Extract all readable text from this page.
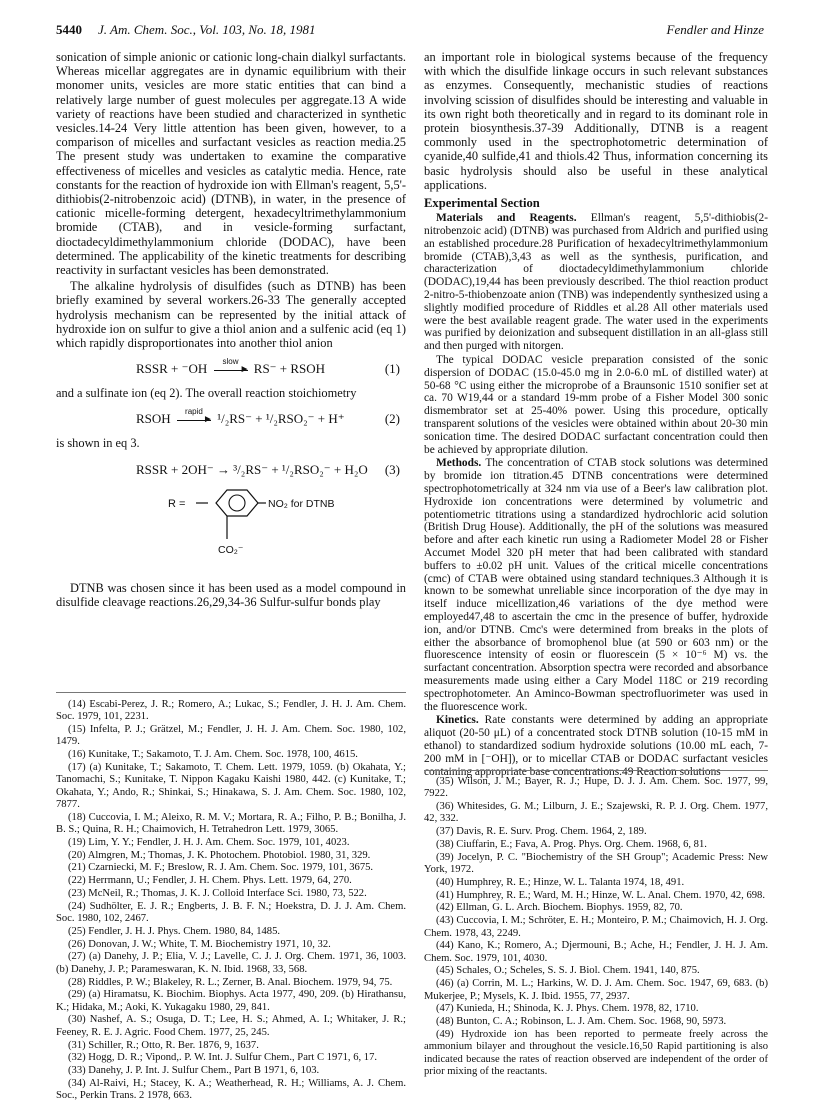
5440 J. Am. Chem. Soc., Vol. 103, No. 18, 1981	Fendler and Hinze

sonication of simple anionic or cationic long-chain dialkyl surfactants. Whereas micellar aggregates are in dynamic equilibrium with their monomer units, vesicles are more static entities that can bind a relatively large number of guest molecules per aggregate.13 A wide variety of reactions have been studied and characterized in synthetic vesicles.14-24 Very little attention has been given, however, to a comparison of micelles and surfactant vesicles as reaction media.25 The present study was undertaken to examine the comparative effectiveness of micelles and vesicles as catalytic media. Hence, rate constants for the reaction of hydroxide ion with Ellman's reagent, 5,5'-dithiobis(2-nitrobenzoic acid) (DTNB), in water, in the presence of cationic micelle-forming detergent, hexadecyltrimethylammonium bromide (CTAB), and in vesicle-forming surfactant, dioctadecyldimethylammonium chloride (DODAC), have been determined. The applicability of the kinetic treatments for describing reactivity in surfactant vesicles has been demonstrated.

The alkaline hydrolysis of disulfides (such as DTNB) has been briefly examined by several workers.26-33 The generally accepted hydrolysis mechanism can be represented by the initial attack of hydroxide ion on sulfur to give a thiol anion and a sulfenic acid (eq 1) which rapidly disproportionates into another thiol anion

RSSR + ⁻OH	slow
► RS⁻ + RSOH	(1)

and a sulfinate ion (eq 2). The overall reaction stoichiometry

RSOH	rapid
► ¹/₂RS⁻ + ¹/₂RSO₂⁻ + H⁺	(2)

is shown in eq 3.

RSSR + 2OH⁻ → ³/₂RS⁻ + ¹/₂RSO₂⁻ + H₂O (3)
R =	NO₂ for DTNB
CO₂⁻

DTNB was chosen since it has been used as a model compound in disulfide cleavage reactions.26,29,34-36 Sulfur-sulfur bonds play

an important role in biological systems because of the frequency with which the disulfide linkage occurs in such relevant substances as enzymes. Consequently, mechanistic studies of reactions involving scission of disulfides should be interesting and valuable in its own right both theoretically and in regard to its dominant role in protein biosynthesis.37-39 Additionally, DTNB is a reagent commonly used in the spectrophotometric determination of cyanide,40 sulfide,41 and thiols.42 Thus, information concerning its basic hydrolysis should also be useful in these analytical applications.

Experimental Section

Materials and Reagents. Ellman's reagent, 5,5'-dithiobis(2-nitrobenzoic acid) (DTNB) was purchased from Aldrich and purified using an established procedure.28 Purification of hexadecyltrimethylammonium bromide (CTAB),3,43 as well as the synthesis, purification, and characterization of dioctadecyldimethylammonium chloride (DODAC),19,44 has been previously described. The thiol reaction product 2-nitro-5-thiobenzoate anion (TNB) was independently synthesized using a slightly modified procedure of Riddles et al.28 All other materials used were the best available reagent grade. The water used in the experiments was purified by deionization and subsequent distillation in an all-glass still and then purged with nitorgen.

The typical DODAC vesicle preparation consisted of the sonic dispersion of DODAC (15.0-45.0 mg in 2.0-6.0 mL of distilled water) at 50-68 °C using either the microprobe of a Braunsonic 1510 sonifier set at ca. 70 W19,44 or a standard 19-mm probe of a Fisher Model 300 sonic dismembrator set at 25-40% power. Using this procedure, optically transparent solutions of the vesicles were obtained within about 20-30 min sonication time. The desired DODAC surfactant concentration could then be achieved by appropriate dilution.

Methods. The concentration of CTAB stock solutions was determined by bromide ion titration.45 DTNB concentrations were determined spectrophotometrically at 324 nm via use of a Beer's law calibration plot. Hydroxide ion concentrations were determined by volumetric and potentiometric titrations using a standardized hydrochloric acid solution (British Drug House). Additionally, the pH of the solutions was measured before and after each kinetic run using a Radiometer Model 28 or Fisher Accumet Model 320 pH meter that had been calibrated with standard buffers to ±0.02 pH unit. Values of the critical micelle concentrations (cmc) of CTAB were obtained using standard techniques.3 Although it is known to be somewhat unreliable since incorporation of the dye may in itself induce micellization,46 variations of the dye method were employed47,48 to ascertain the cmc in the presence of buffer, hydroxide ion, and/or DTNB. Cmc's were determined from breaks in the plots of either the absorbance of bromophenol blue (at 590 or 603 nm) or the fluorescence intensity of eosin or fluorescein (5 × 10⁻⁶ M) vs. the surfactant concentration. Absorption spectra were recorded and absorbance measurements made using either a Cary Model 118C or 219 recording spectrophotometer. An Aminco-Bowman spectrofluorimeter was used in the fluorescence work.

Kinetics. Rate constants were determined by adding an appropriate aliquot (20-50 μL) of a concentrated stock DTNB solution (10-15 mM in ethanol) to standardized sodium hydroxide solutions (10.00 mL each, 7-200 mM in [⁻OH]), or to micellar CTAB or DODAC surfactant vesicles containing appropriate base concentrations.49 Reaction solutions

(14) Escabi-Perez, J. R.; Romero, A.; Lukac, S.; Fendler, J. H. J. Am. Chem. Soc. 1979, 101, 2231.
(15) Infelta, P. J.; Grätzel, M.; Fendler, J. H. J. Am. Chem. Soc. 1980, 102, 1479.
(16) Kunitake, T.; Sakamoto, T. J. Am. Chem. Soc. 1978, 100, 4615.
(17) (a) Kunitake, T.; Sakamoto, T. Chem. Lett. 1979, 1059. (b) Okahata, Y.; Tanomachi, S.; Kunitake, T. Nippon Kagaku Kaishi 1980, 442. (c) Kunitake, T.; Okahata, Y.; Ando, R.; Shinkai, S.; Hinakawa, S. J. Am. Chem. Soc. 1980, 102, 7877.
(18) Cuccovia, I. M.; Aleixo, R. M. V.; Mortara, R. A.; Filho, P. B.; Bonilha, J. B. S.; Quina, R. H.; Chaimovich, H. Tetrahedron Lett. 1979, 3065.
(19) Lim, Y. Y.; Fendler, J. H. J. Am. Chem. Soc. 1979, 101, 4023.
(20) Almgren, M.; Thomas, J. K. Photochem. Photobiol. 1980, 31, 329.
(21) Czarniecki, M. F.; Breslow, R. J. Am. Chem. Soc. 1979, 101, 3675.
(22) Herrmann, U.; Fendler, J. H. Chem. Phys. Lett. 1979, 64, 270.
(23) McNeil, R.; Thomas, J. K. J. Colloid Interface Sci. 1980, 73, 522.
(24) Sudhölter, E. J. R.; Engberts, J. B. F. N.; Hoekstra, D. J. J. Am. Chem. Soc. 1980, 102, 2467.
(25) Fendler, J. H. J. Phys. Chem. 1980, 84, 1485.
(26) Donovan, J. W.; White, T. M. Biochemistry 1971, 10, 32.
(27) (a) Danehy, J. P.; Elia, V. J.; Lavelle, C. J. J. Org. Chem. 1971, 36, 1003. (b) Danehy, J. P.; Parameswaran, K. N. Ibid. 1968, 33, 568.
(28) Riddles, P. W.; Blakeley, R. L.; Zerner, B. Anal. Biochem. 1979, 94, 75.
(29) (a) Hiramatsu, K. Biochim. Biophys. Acta 1977, 490, 209. (b) Hirathansu, K.; Hidaka, M.; Aoki, K. Yukagaku 1980, 29, 841.
(30) Nashef, A. S.; Osuga, D. T.; Lee, H. S.; Ahmed, A. I.; Whitaker, J. R.; Feeney, R. E. J. Agric. Food Chem. 1977, 25, 245.
(31) Schiller, R.; Otto, R. Ber. 1876, 9, 1637.
(32) Hogg, D. R.; Vipond,. P. W. Int. J. Sulfur Chem., Part C 1971, 6, 17.
(33) Danehy, J. P. Int. J. Sulfur Chem., Part B 1971, 6, 103.
(34) Al-Raivi, H.; Stacey, K. A.; Weatherhead, R. H.; Williams, A. J. Chem. Soc., Perkin Trans. 2 1978, 663.
(35) Wilson, J. M.; Bayer, R. J.; Hupe, D. J. J. Am. Chem. Soc. 1977, 99, 7922.
(36) Whitesides, G. M.; Lilburn, J. E.; Szajewski, R. P. J. Org. Chem. 1977, 42, 332.
(37) Davis, R. E. Surv. Prog. Chem. 1964, 2, 189.
(38) Ciuffarin, E.; Fava, A. Prog. Phys. Org. Chem. 1968, 6, 81.
(39) Jocelyn, P. C. "Biochemistry of the SH Group"; Academic Press: New York, 1972.
(40) Humphrey, R. E.; Hinze, W. L. Talanta 1974, 18, 491.
(41) Humphrey, R. E.; Ward, M. H.; Hinze, W. L. Anal. Chem. 1970, 42, 698.
(42) Ellman, G. L. Arch. Biochem. Biophys. 1959, 82, 70.
(43) Cuccovia, I. M.; Schröter, E. H.; Monteiro, P. M.; Chaimovich, H. J. Org. Chem. 1978, 43, 2249.
(44) Kano, K.; Romero, A.; Djermouni, B.; Ache, H.; Fendler, J. H. J. Am. Chem. Soc. 1979, 101, 4030.
(45) Schales, O.; Scheles, S. S. J. Biol. Chem. 1941, 140, 875.
(46) (a) Corrin, M. L.; Harkins, W. D. J. Am. Chem. Soc. 1947, 69, 683. (b) Mukerjee, P.; Mysels, K. J. Ibid. 1955, 77, 2937.
(47) Kunieda, H.; Shinoda, K. J. Phys. Chem. 1978, 82, 1710.
(48) Bunton, C. A.; Robinson, L. J. Am. Chem. Soc. 1968, 90, 5973.
(49) Hydroxide ion has been reported to permeate freely across the ammonium bilayer and throughout the vesicle.16,50 Rapid partitioning is also indicated because the rates of reaction observed are independent of the order of prior mixing of the reactants.
